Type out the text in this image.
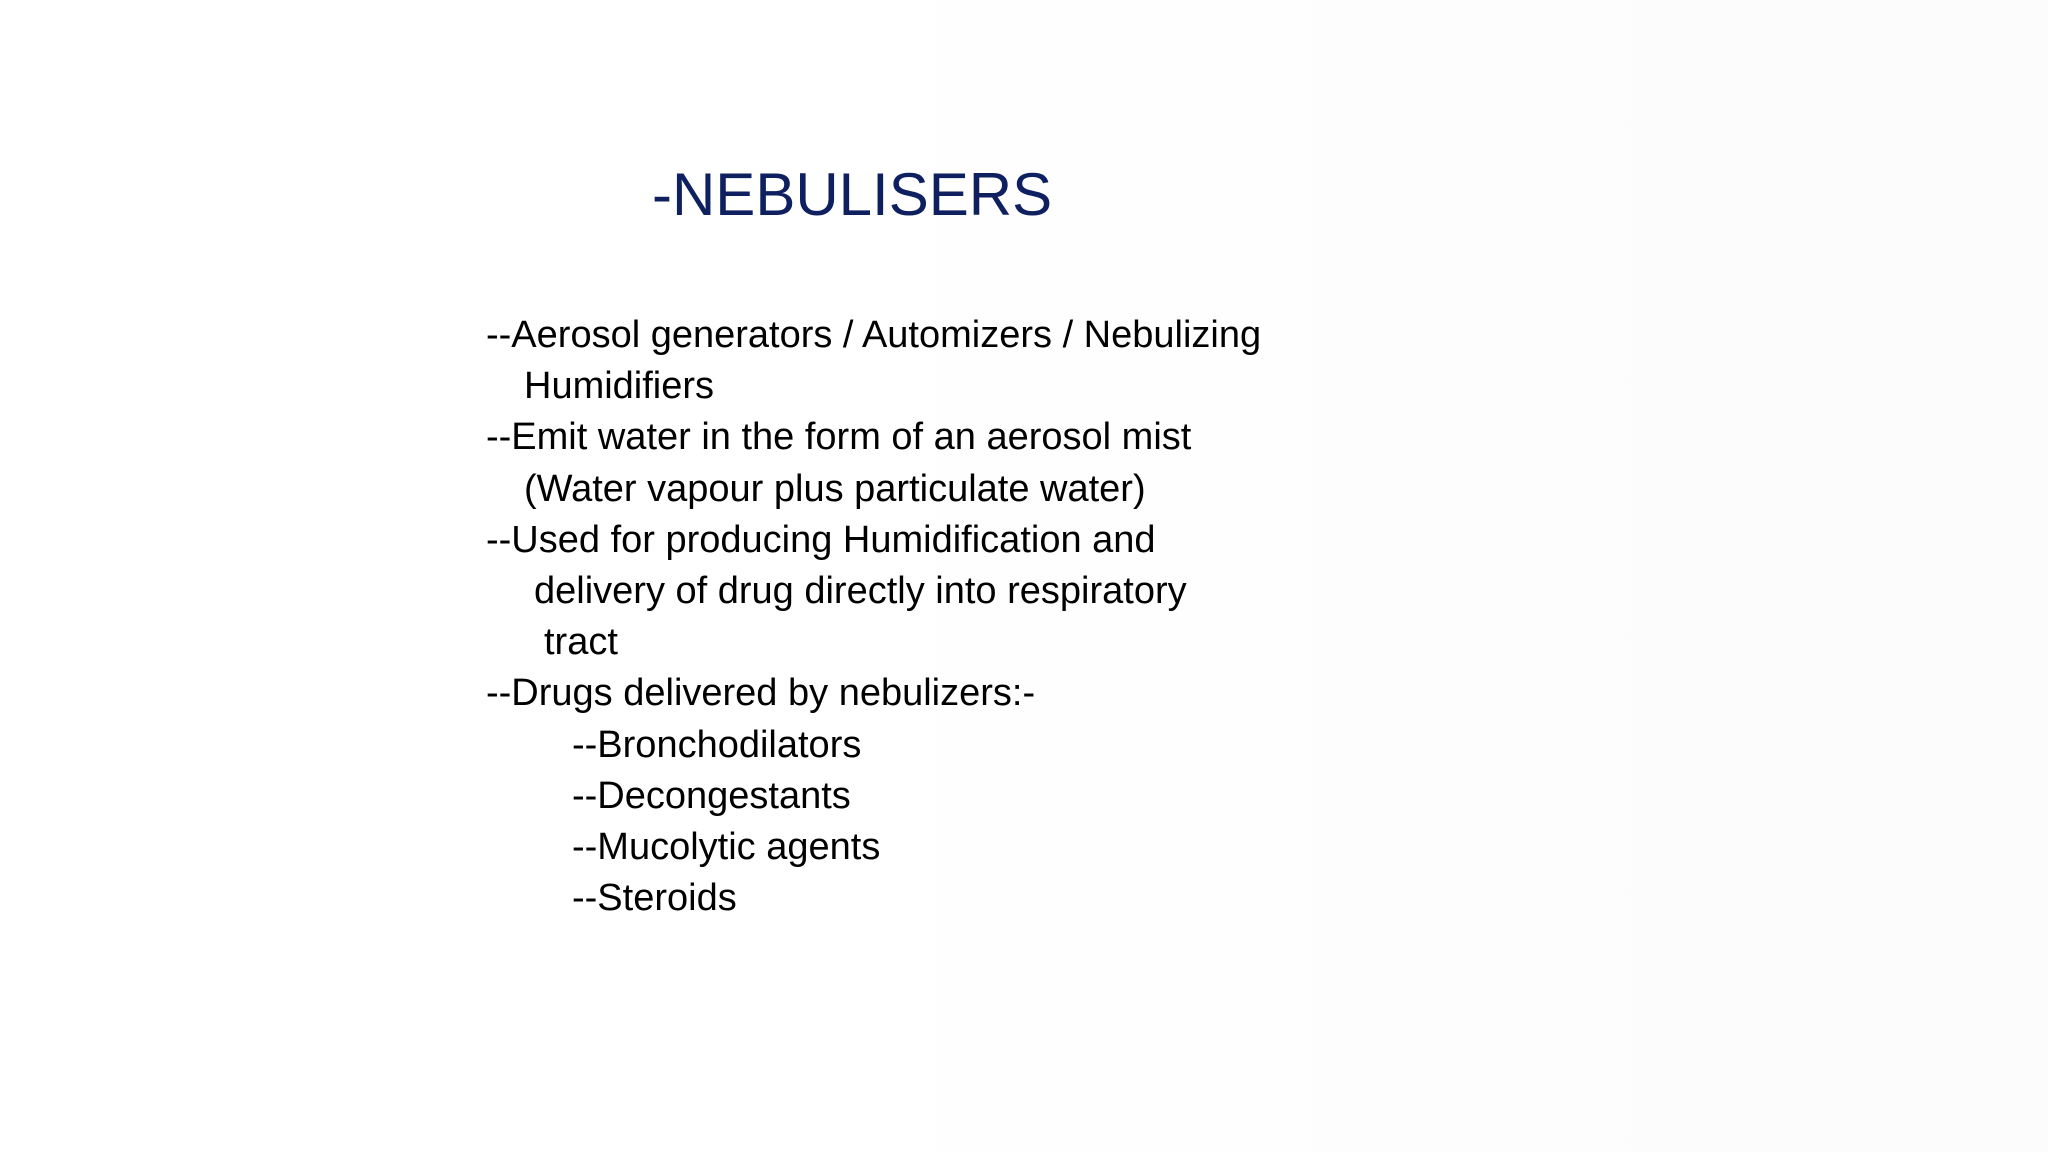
-NEBULISERS
--Aerosol generators / Automizers / Nebulizing
Humidifiers
--Emit water in the form of an aerosol mist
(Water vapour plus particulate water)
--Used for producing Humidification and
delivery of drug directly into respiratory
tract
--Drugs delivered by nebulizers:-
--Bronchodilators
--Decongestants
--Mucolytic agents
--Steroids
